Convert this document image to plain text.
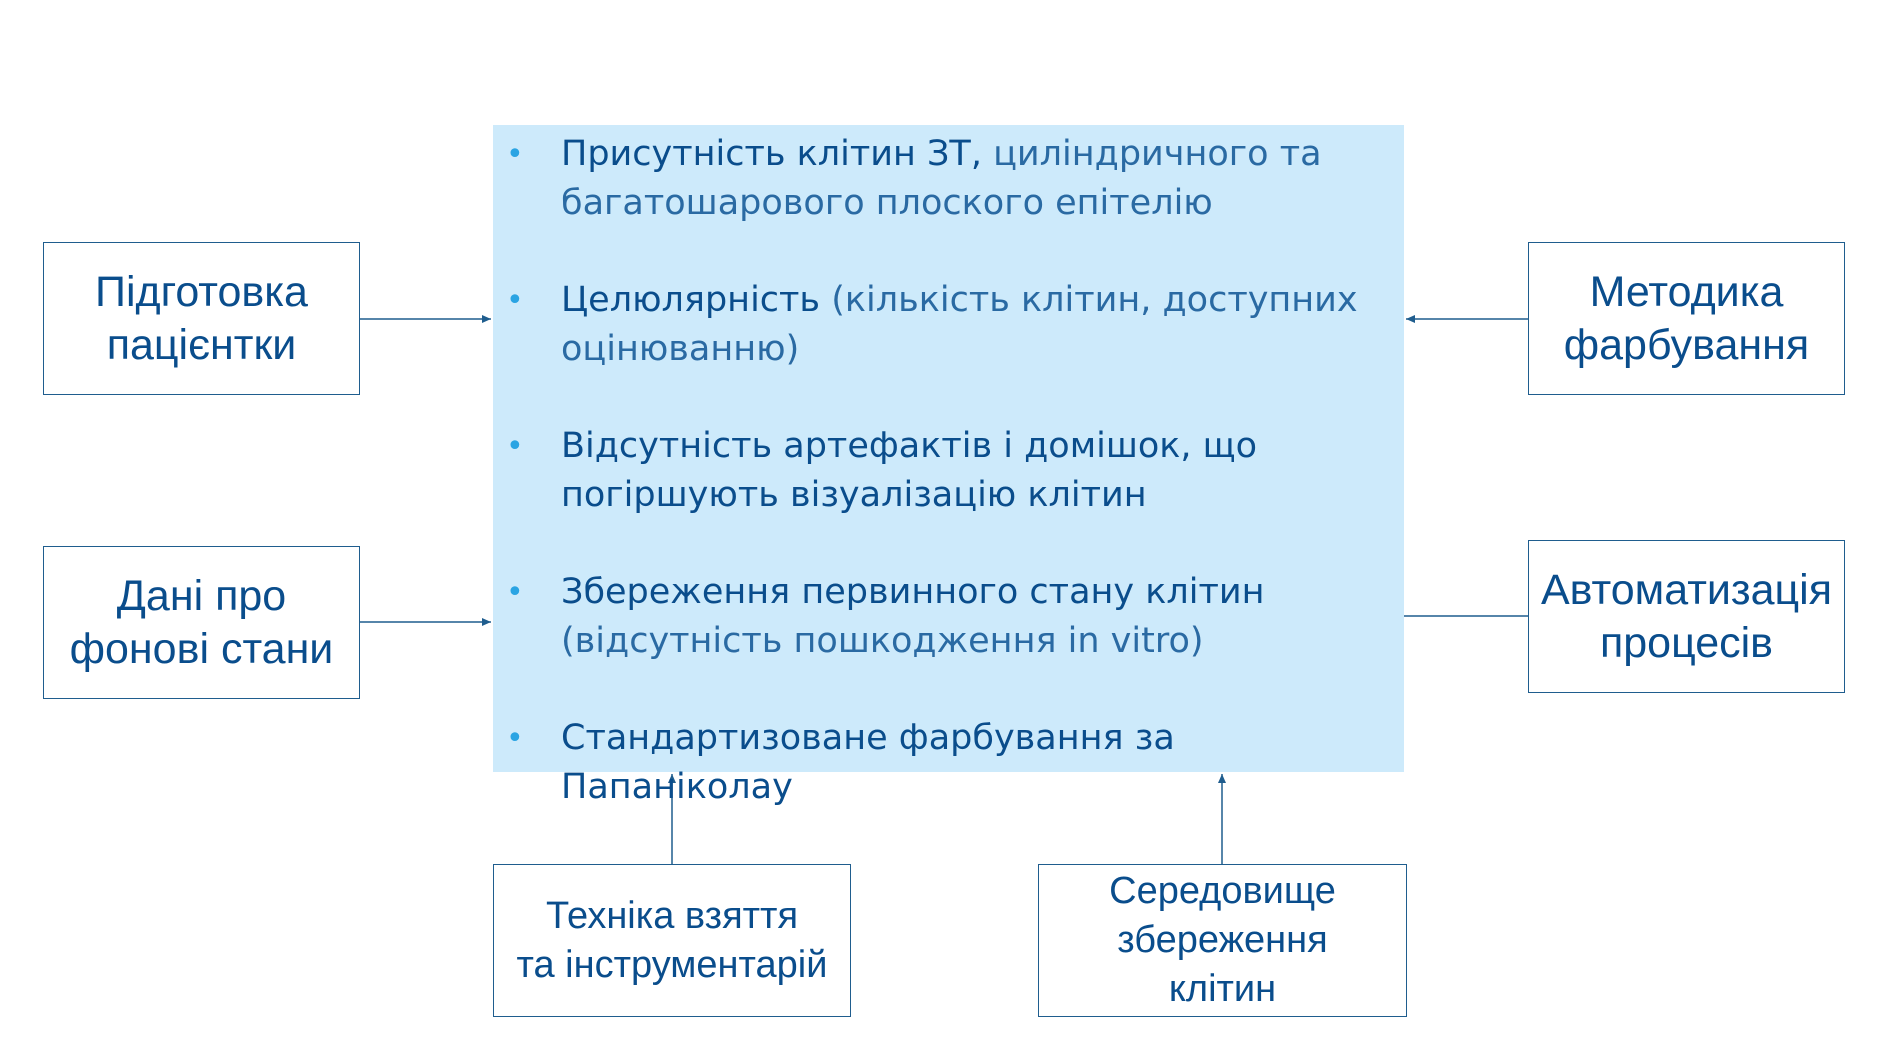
Підготовка
пацієнтки
Дані про
фонові стани
Методика
фарбування
Автоматизація
процесів
Техніка взяття
та інструментарій
Середовище
збереження
клітин
• Присутність клітин ЗТ, циліндричного та
багатошарового плоского епітелію
• Целюлярність (кількість клітин, доступних
оцінюванню)
• Відсутність артефактів і домішок, що
погіршують візуалізацію клітин
• Збереження первинного стану клітин
(відсутність пошкодження in vitro)
• Стандартизоване фарбування за Папаніколау
